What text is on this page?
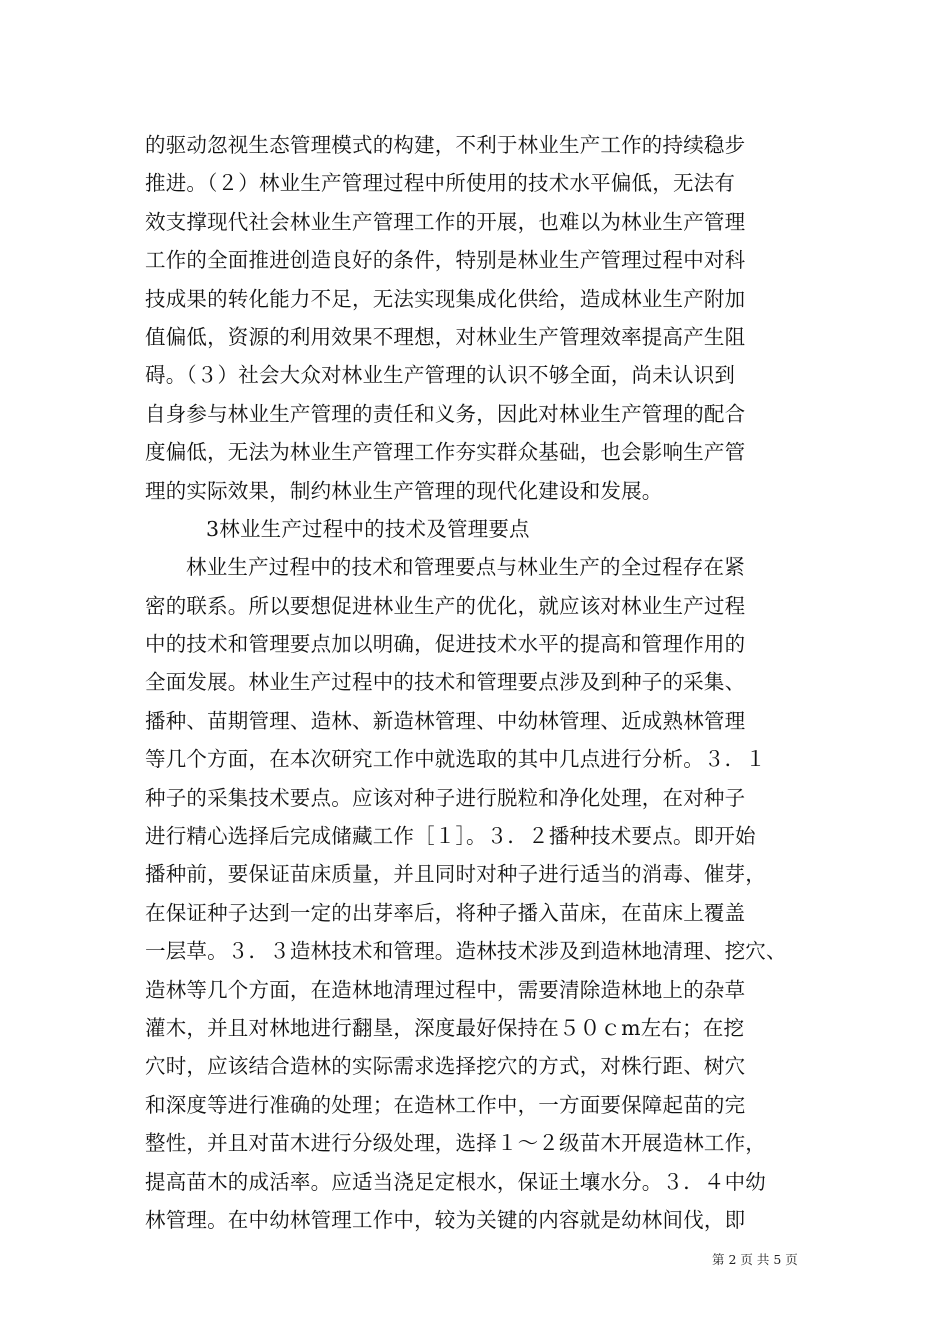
的驱动忽视生态管理模式的构建，不利于林业生产工作的持续稳步
推进。（２）林业生产管理过程中所使用的技术水平偏低，无法有
效支撑现代社会林业生产管理工作的开展，也难以为林业生产管理
工作的全面推进创造良好的条件，特别是林业生产管理过程中对科
技成果的转化能力不足，无法实现集成化供给，造成林业生产附加
值偏低，资源的利用效果不理想，对林业生产管理效率提高产生阻
碍。（３）社会大众对林业生产管理的认识不够全面，尚未认识到
自身参与林业生产管理的责任和义务，因此对林业生产管理的配合
度偏低，无法为林业生产管理工作夯实群众基础，也会影响生产管
理的实际效果，制约林业生产管理的现代化建设和发展。
3林业生产过程中的技术及管理要点
林业生产过程中的技术和管理要点与林业生产的全过程存在紧
密的联系。所以要想促进林业生产的优化，就应该对林业生产过程
中的技术和管理要点加以明确，促进技术水平的提高和管理作用的
全面发展。林业生产过程中的技术和管理要点涉及到种子的采集、
播种、苗期管理、造林、新造林管理、中幼林管理、近成熟林管理
等几个方面，在本次研究工作中就选取的其中几点进行分析。３．１
种子的采集技术要点。应该对种子进行脱粒和净化处理，在对种子
进行精心选择后完成储藏工作［１］。３．２播种技术要点。即开始
播种前，要保证苗床质量，并且同时对种子进行适当的消毒、催芽，
在保证种子达到一定的出芽率后，将种子播入苗床，在苗床上覆盖
一层草。３．３造林技术和管理。造林技术涉及到造林地清理、挖穴、
造林等几个方面，在造林地清理过程中，需要清除造林地上的杂草
灌木，并且对林地进行翻垦，深度最好保持在５０ｃm左右；在挖
穴时，应该结合造林的实际需求选择挖穴的方式，对株行距、树穴
和深度等进行准确的处理；在造林工作中，一方面要保障起苗的完
整性，并且对苗木进行分级处理，选择１～２级苗木开展造林工作，
提高苗木的成活率。应适当浇足定根水，保证土壤水分。３．４中幼
林管理。在中幼林管理工作中，较为关键的内容就是幼林间伐，即
第 2 页 共 5 页
